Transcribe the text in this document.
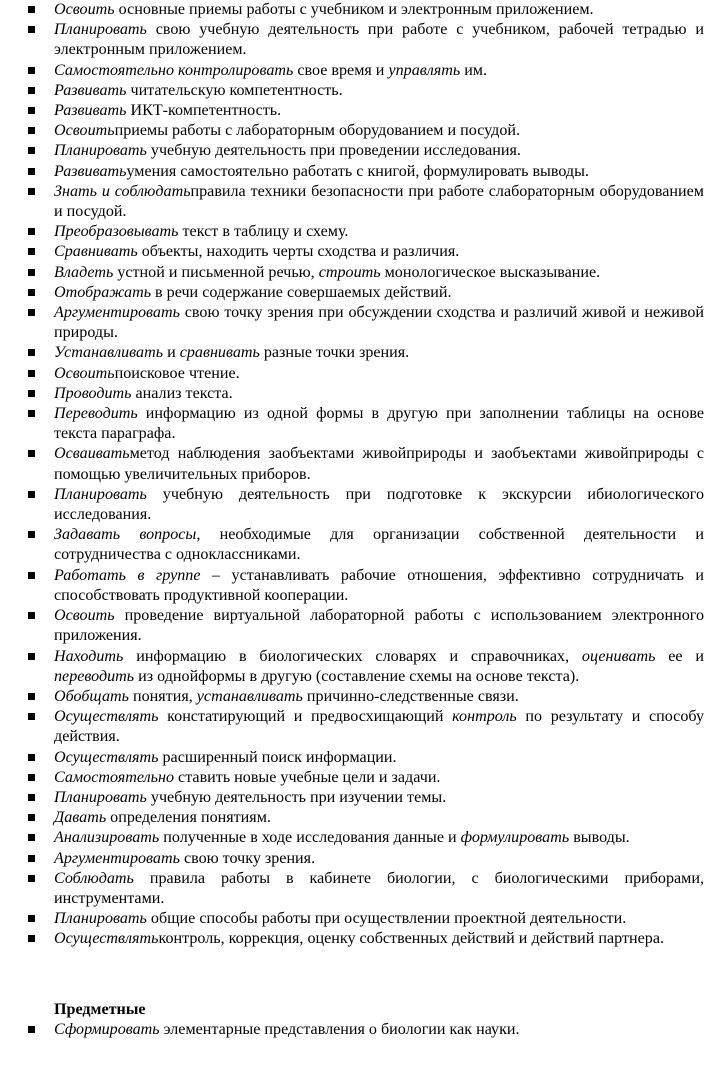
Освоить основные приемы работы с учебником и электронным приложением.
Планировать свою учебную деятельность при работе с учебником, рабочей тетрадью и электронным приложением.
Самостоятельно контролировать свое время и управлять им.
Развивать читательскую компетентность.
Развивать ИКТ-компетентность.
Освоитьприемы работы с лабораторным оборудованием и посудой.
Планировать учебную деятельность при проведении исследования.
Развиватьумения самостоятельно работать с книгой, формулировать выводы.
Знать и соблюдатьправила техники безопасности при работе слабораторным оборудованием и посудой.
Преобразовывать текст в таблицу и схему.
Сравнивать объекты, находить черты сходства и различия.
Владеть устной и письменной речью, строить монологическое высказывание.
Отображать в речи содержание совершаемых действий.
Аргументировать свою точку зрения при обсуждении сходства и различий живой и неживой природы.
Устанавливать и сравнивать разные точки зрения.
Освоитьпоисковое чтение.
Проводить анализ текста.
Переводить информацию из одной формы в другую при заполнении таблицы на основе текста параграфа.
Осваиватьметод наблюдения заобъектами живойприроды и заобъектами живойприроды с помощью увеличительных приборов.
Планировать учебную деятельность при подготовке к экскурсии ибиологического исследования.
Задавать вопросы, необходимые для организации собственной деятельности и сотрудничества с одноклассниками.
Работать в группе – устанавливать рабочие отношения, эффективно сотрудничать и способствовать продуктивной кооперации.
Освоить проведение виртуальной лабораторной работы с использованием электронного приложения.
Находить информацию в биологических словарях и справочниках, оценивать ее и переводить из однойформы в другую (составление схемы на основе текста).
Обобщать понятия, устанавливать причинно-следственные связи.
Осуществлять констатирующий и предвосхищающий контроль по результату и способу действия.
Осуществлять расширенный поиск информации.
Самостоятельно ставить новые учебные цели и задачи.
Планировать учебную деятельность при изучении темы.
Давать определения понятиям.
Анализировать полученные в ходе исследования данные и формулировать выводы.
Аргументировать свою точку зрения.
Соблюдать правила работы в кабинете биологии, с биологическими приборами, инструментами.
Планировать общие способы работы при осуществлении проектной деятельности.
Осуществлятьконтроль, коррекция, оценку собственных действий и действий партнера.
Предметные
Сформировать элементарные представления о биологии как науки.
